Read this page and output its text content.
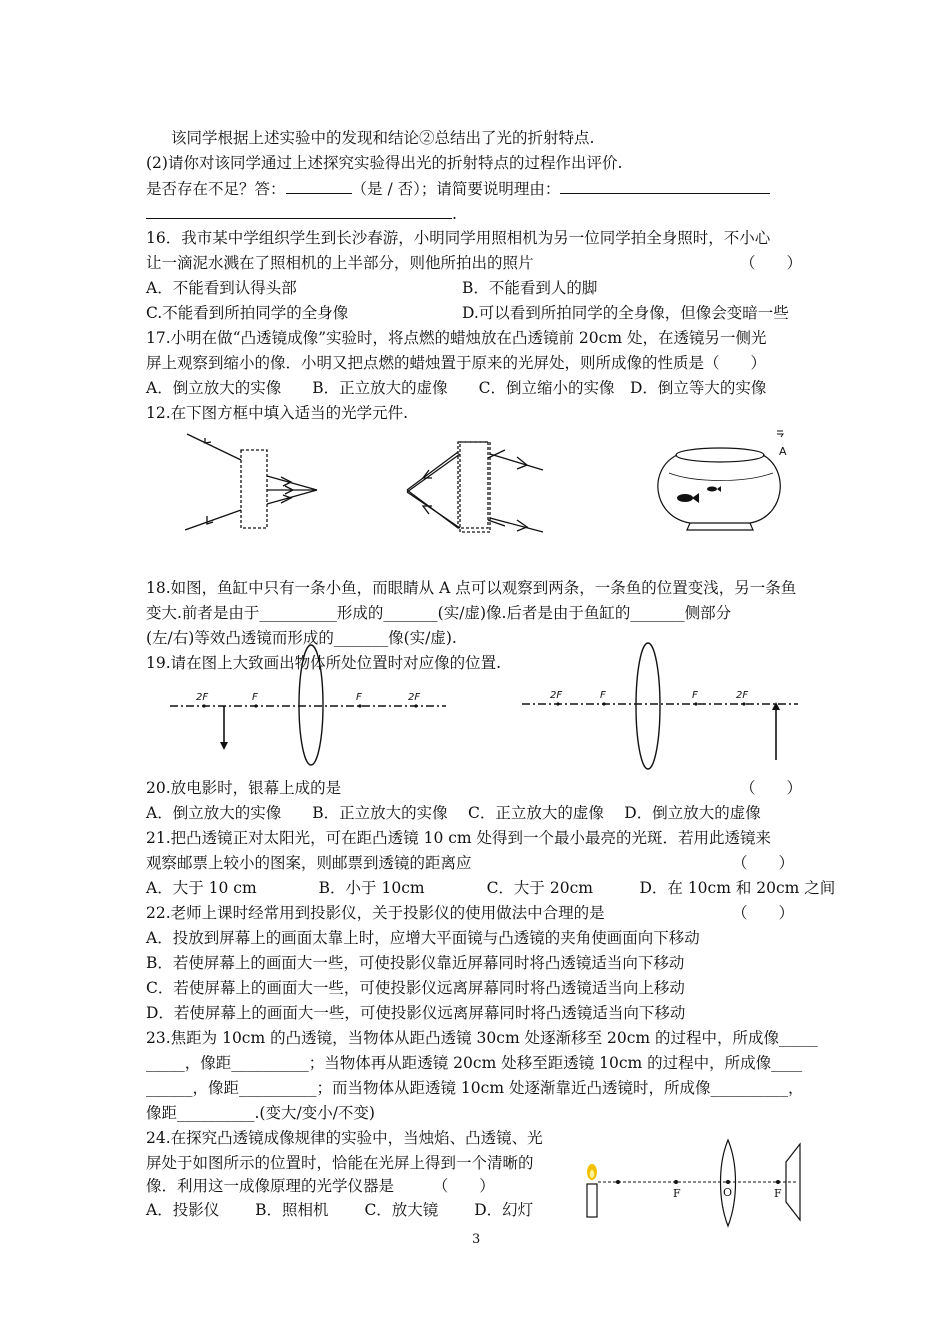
该同学根据上述实验中的发现和结论②总结出了光的折射特点.
(2)请你对该同学通过上述探究实验得出光的折射特点的过程作出评价.
是否存在不足？答：	（是 / 否）；请简要说明理由：
.
16．我市某中学组织学生到长沙春游，小明同学用照相机为另一位同学拍全身照时，不小心
让一滴泥水溅在了照相机的上半部分，则他所拍出的照片	（　　）
A．不能看到认得头部	B．不能看到人的脚
C.不能看到所拍同学的全身像	D.可以看到所拍同学的全身像，但像会变暗一些
17.小明在做“凸透镜成像”实验时，将点燃的蜡烛放在凸透镜前 20cm 处，在透镜另一侧光
屏上观察到缩小的像．小明又把点燃的蜡烛置于原来的光屏处，则所成像的性质是（　　）
A．倒立放大的实像　　B．正立放大的虚像　　C．倒立缩小的实像　D．倒立等大的实像
12.在下图方框中填入适当的光学元件.
A
18.如图，鱼缸中只有一条小鱼，而眼睛从 A 点可以观察到两条，一条鱼的位置变浅，另一条鱼
变大.前者是由于__________形成的_______(实/虚)像.后者是由于鱼缸的_______侧部分
(左/右)等效凸透镜而形成的_______像(实/虚).
19.请在图上大致画出物体所处位置时对应像的位置.
2F	F	F	2F	2F	F	F	2F
20.放电影时，银幕上成的是	（　　）
A．倒立放大的实像　　B．正立放大的实像　 C．正立放大的虚像　 D．倒立放大的虚像
21.把凸透镜正对太阳光，可在距凸透镜 10 cm 处得到一个最小最亮的光斑．若用此透镜来
观察邮票上较小的图案，则邮票到透镜的距离应	（　　）
A．大于 10 cm　　　　B．小于 10cm　　　　C．大于 20cm　　　D．在 10cm 和 20cm 之间
22.老师上课时经常用到投影仪，关于投影仪的使用做法中合理的是	（　　）
A．投放到屏幕上的画面太靠上时，应增大平面镜与凸透镜的夹角使画面向下移动
B．若使屏幕上的画面大一些，可使投影仪靠近屏幕同时将凸透镜适当向下移动
C．若使屏幕上的画面大一些，可使投影仪远离屏幕同时将凸透镜适当向上移动
D．若使屏幕上的画面大一些，可使投影仪远离屏幕同时将凸透镜适当向下移动
23.焦距为 10cm 的凸透镜，当物体从距凸透镜 30cm 处逐渐移至 20cm 的过程中，所成像_____
_____，像距__________；当物体再从距透镜 20cm 处移至距透镜 10cm 的过程中，所成像____
______，像距__________；而当物体从距透镜 10cm 处逐渐靠近凸透镜时，所成像__________，
像距__________.(变大/变小/不变)
24.在探究凸透镜成像规律的实验中，当烛焰、凸透镜、光
屏处于如图所示的位置时，恰能在光屏上得到一个清晰的
像．利用这一成像原理的光学仪器是　　　（　　）
A．投影仪　　 B．照相机　　 C．放大镜　　 D．幻灯
F	O	F
3
